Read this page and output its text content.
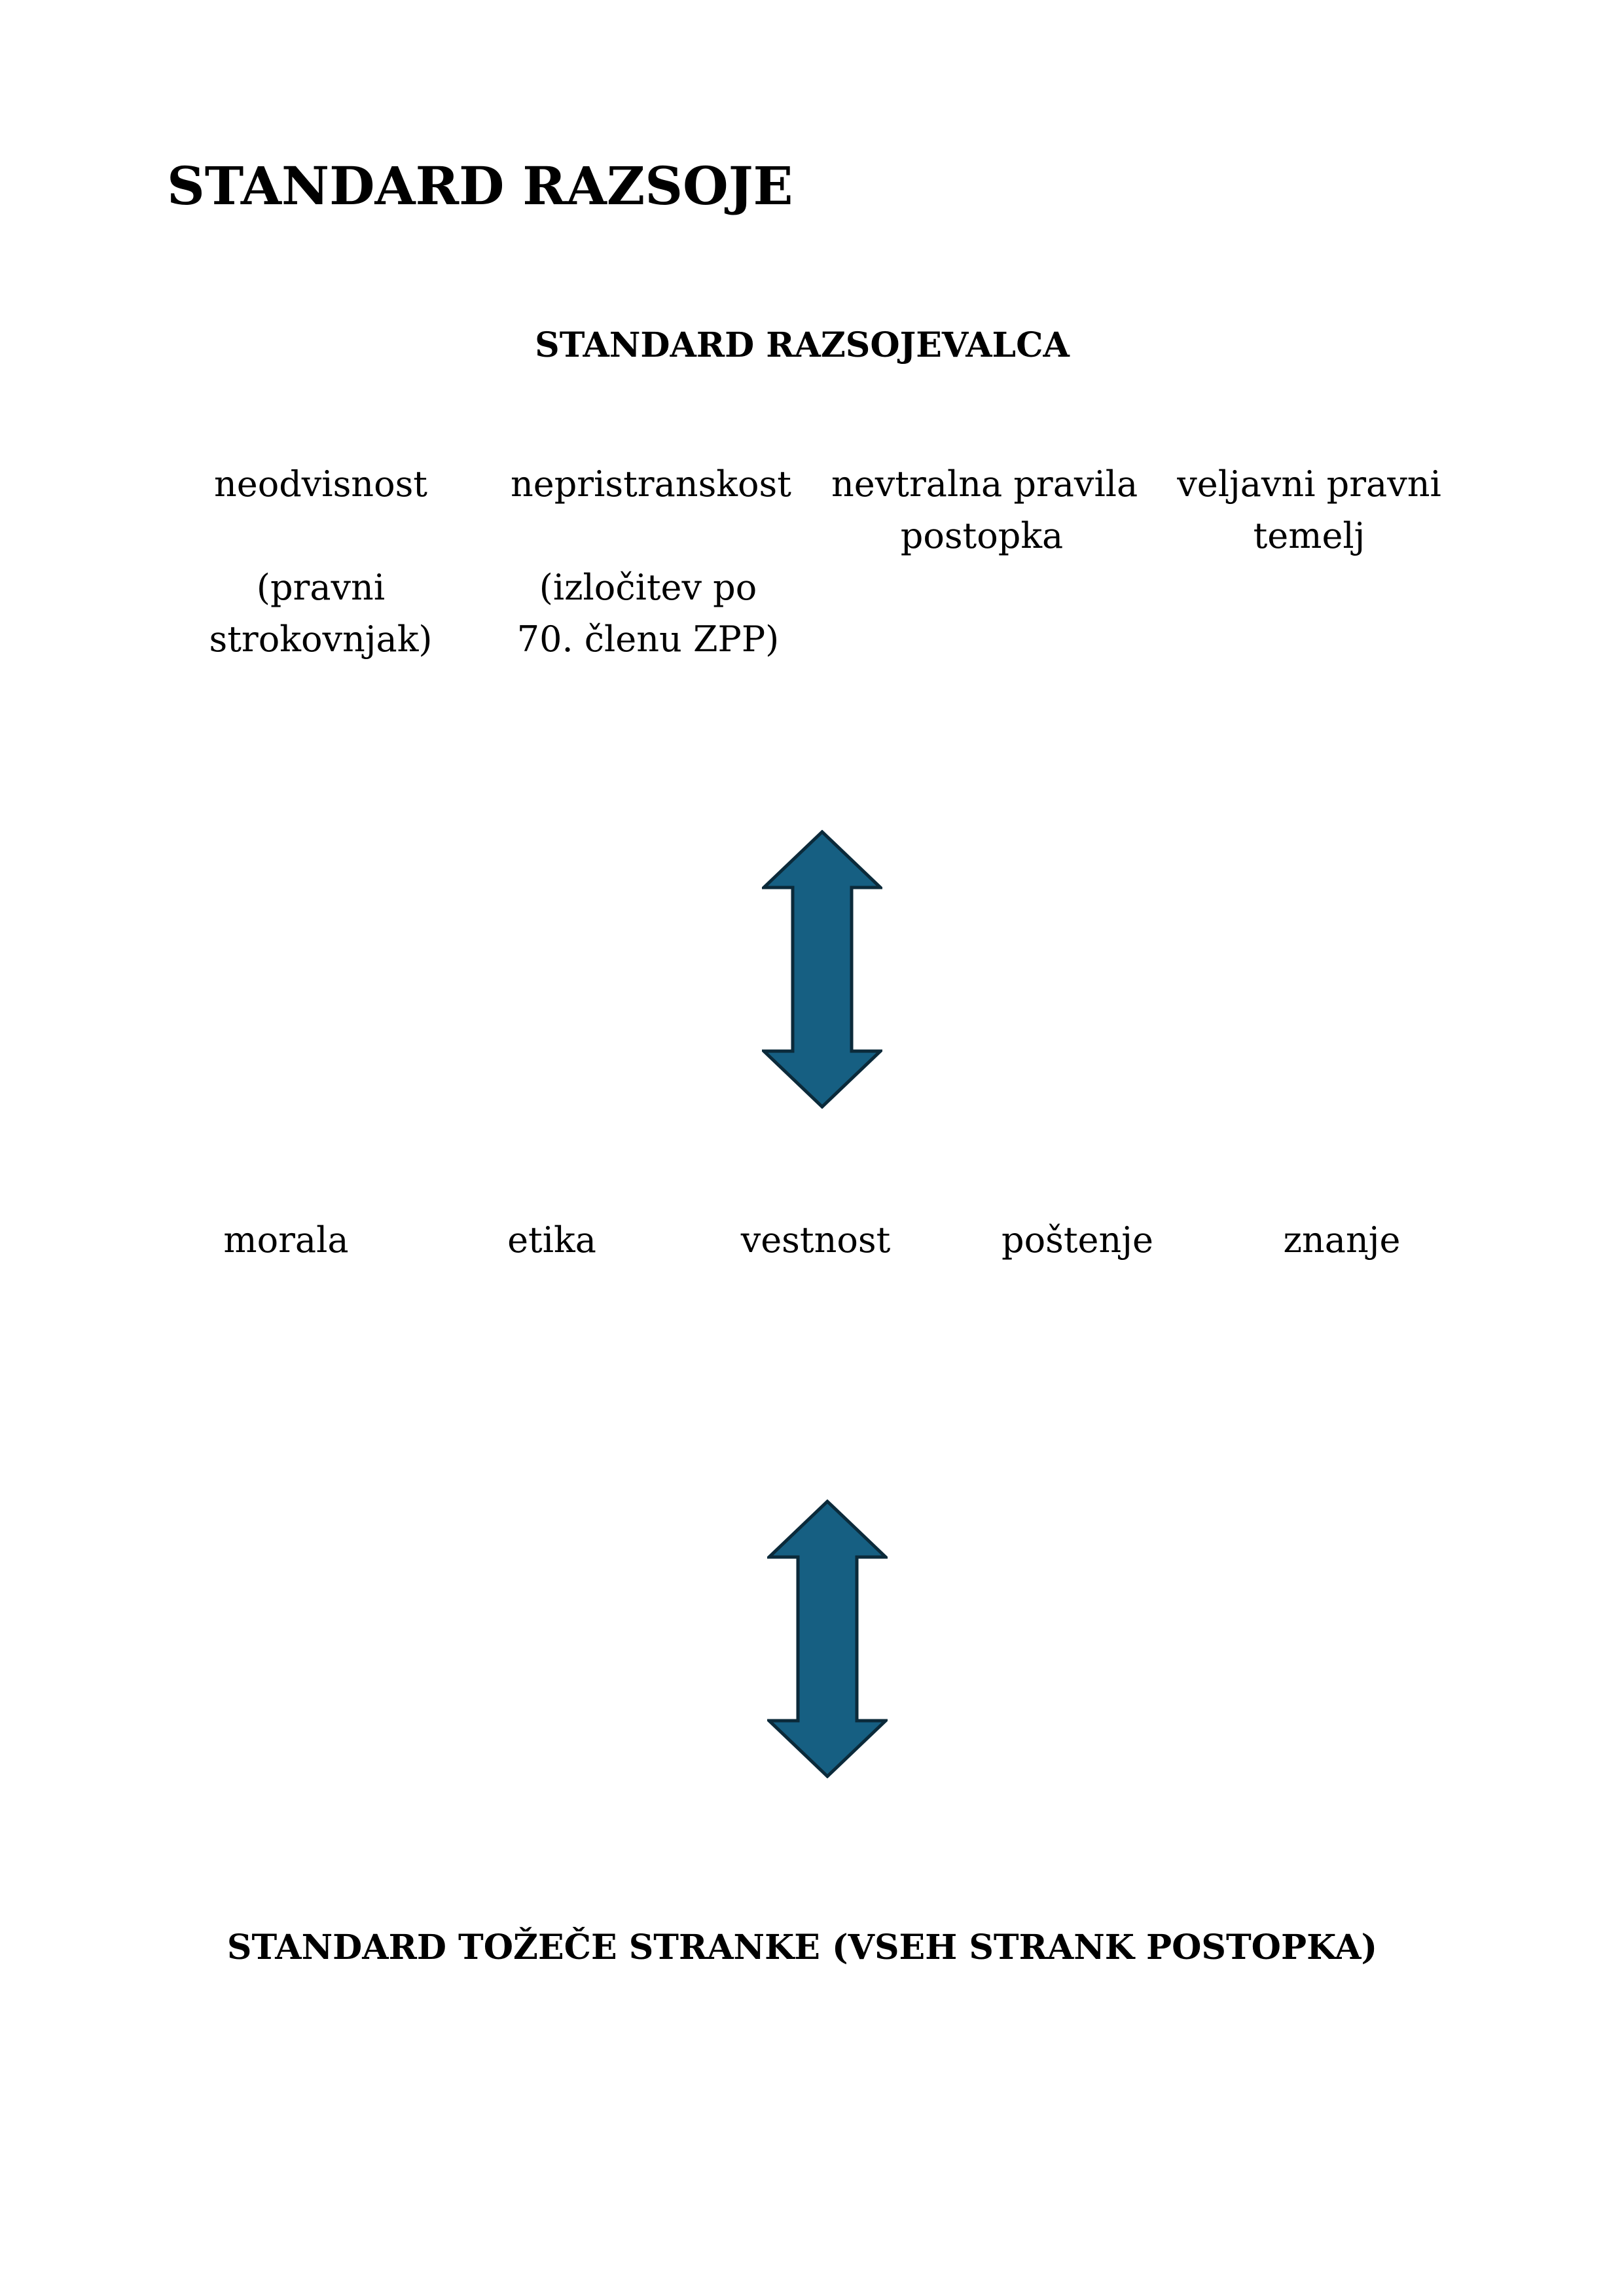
STANDARD RAZSOJE
STANDARD RAZSOJEVALCA
neodvisnost
(pravni
strokovnjak)
nepristranskost
(izločitev po
70. členu ZPP)
nevtralna pravila
postopka
veljavni pravni
temelj
morala	etika	vestnost	poštenje	znanje
STANDARD TOŽEČE STRANKE (VSEH STRANK POSTOPKA)
